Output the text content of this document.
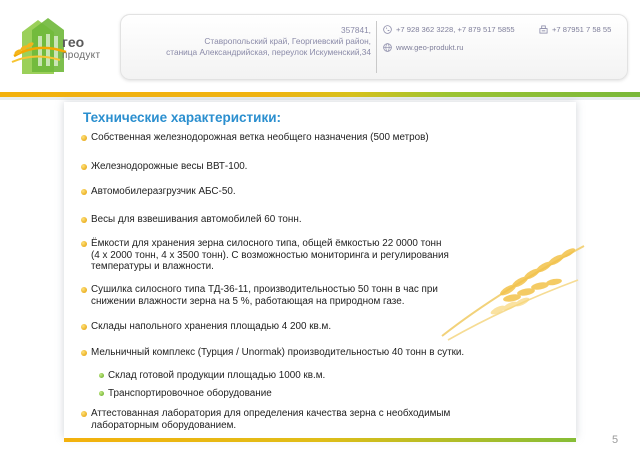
гео
продукт
357841,
Ставропольский край, Георгиевский район,
станица Александрийская, переулок Искуменский,34
+7 928 362 3228, +7 879 517 5855	+7 87951 7 58 55
www.geo-produkt.ru
Технические характеристики:
Собственная железнодорожная ветка необщего назначения (500 метров)
Железнодорожные весы ВВТ-100.
Автомобилеразгрузчик АБС-50.
Весы для взвешивания автомобилей 60 тонн.
Ёмкости для хранения зерна силосного типа, общей ёмкостью 22 0000 тонн
(4 х 2000 тонн, 4 х 3500 тонн). С возможностью мониторинга и регулирования
температуры и влажности.
Сушилка силосного типа ТД-36-11, производительностью 50 тонн в час при
снижении влажности зерна на 5 %, работающая на природном газе.
Склады напольного хранения площадью 4 200 кв.м.
Мельничный комплекс (Турция / Unormak) производительностью 40 тонн в сутки.
Склад готовой продукции площадью 1000 кв.м.
Транспортировочное оборудование
Аттестованная лаборатория для определения качества зерна с необходимым
лабораторным оборудованием.
5
